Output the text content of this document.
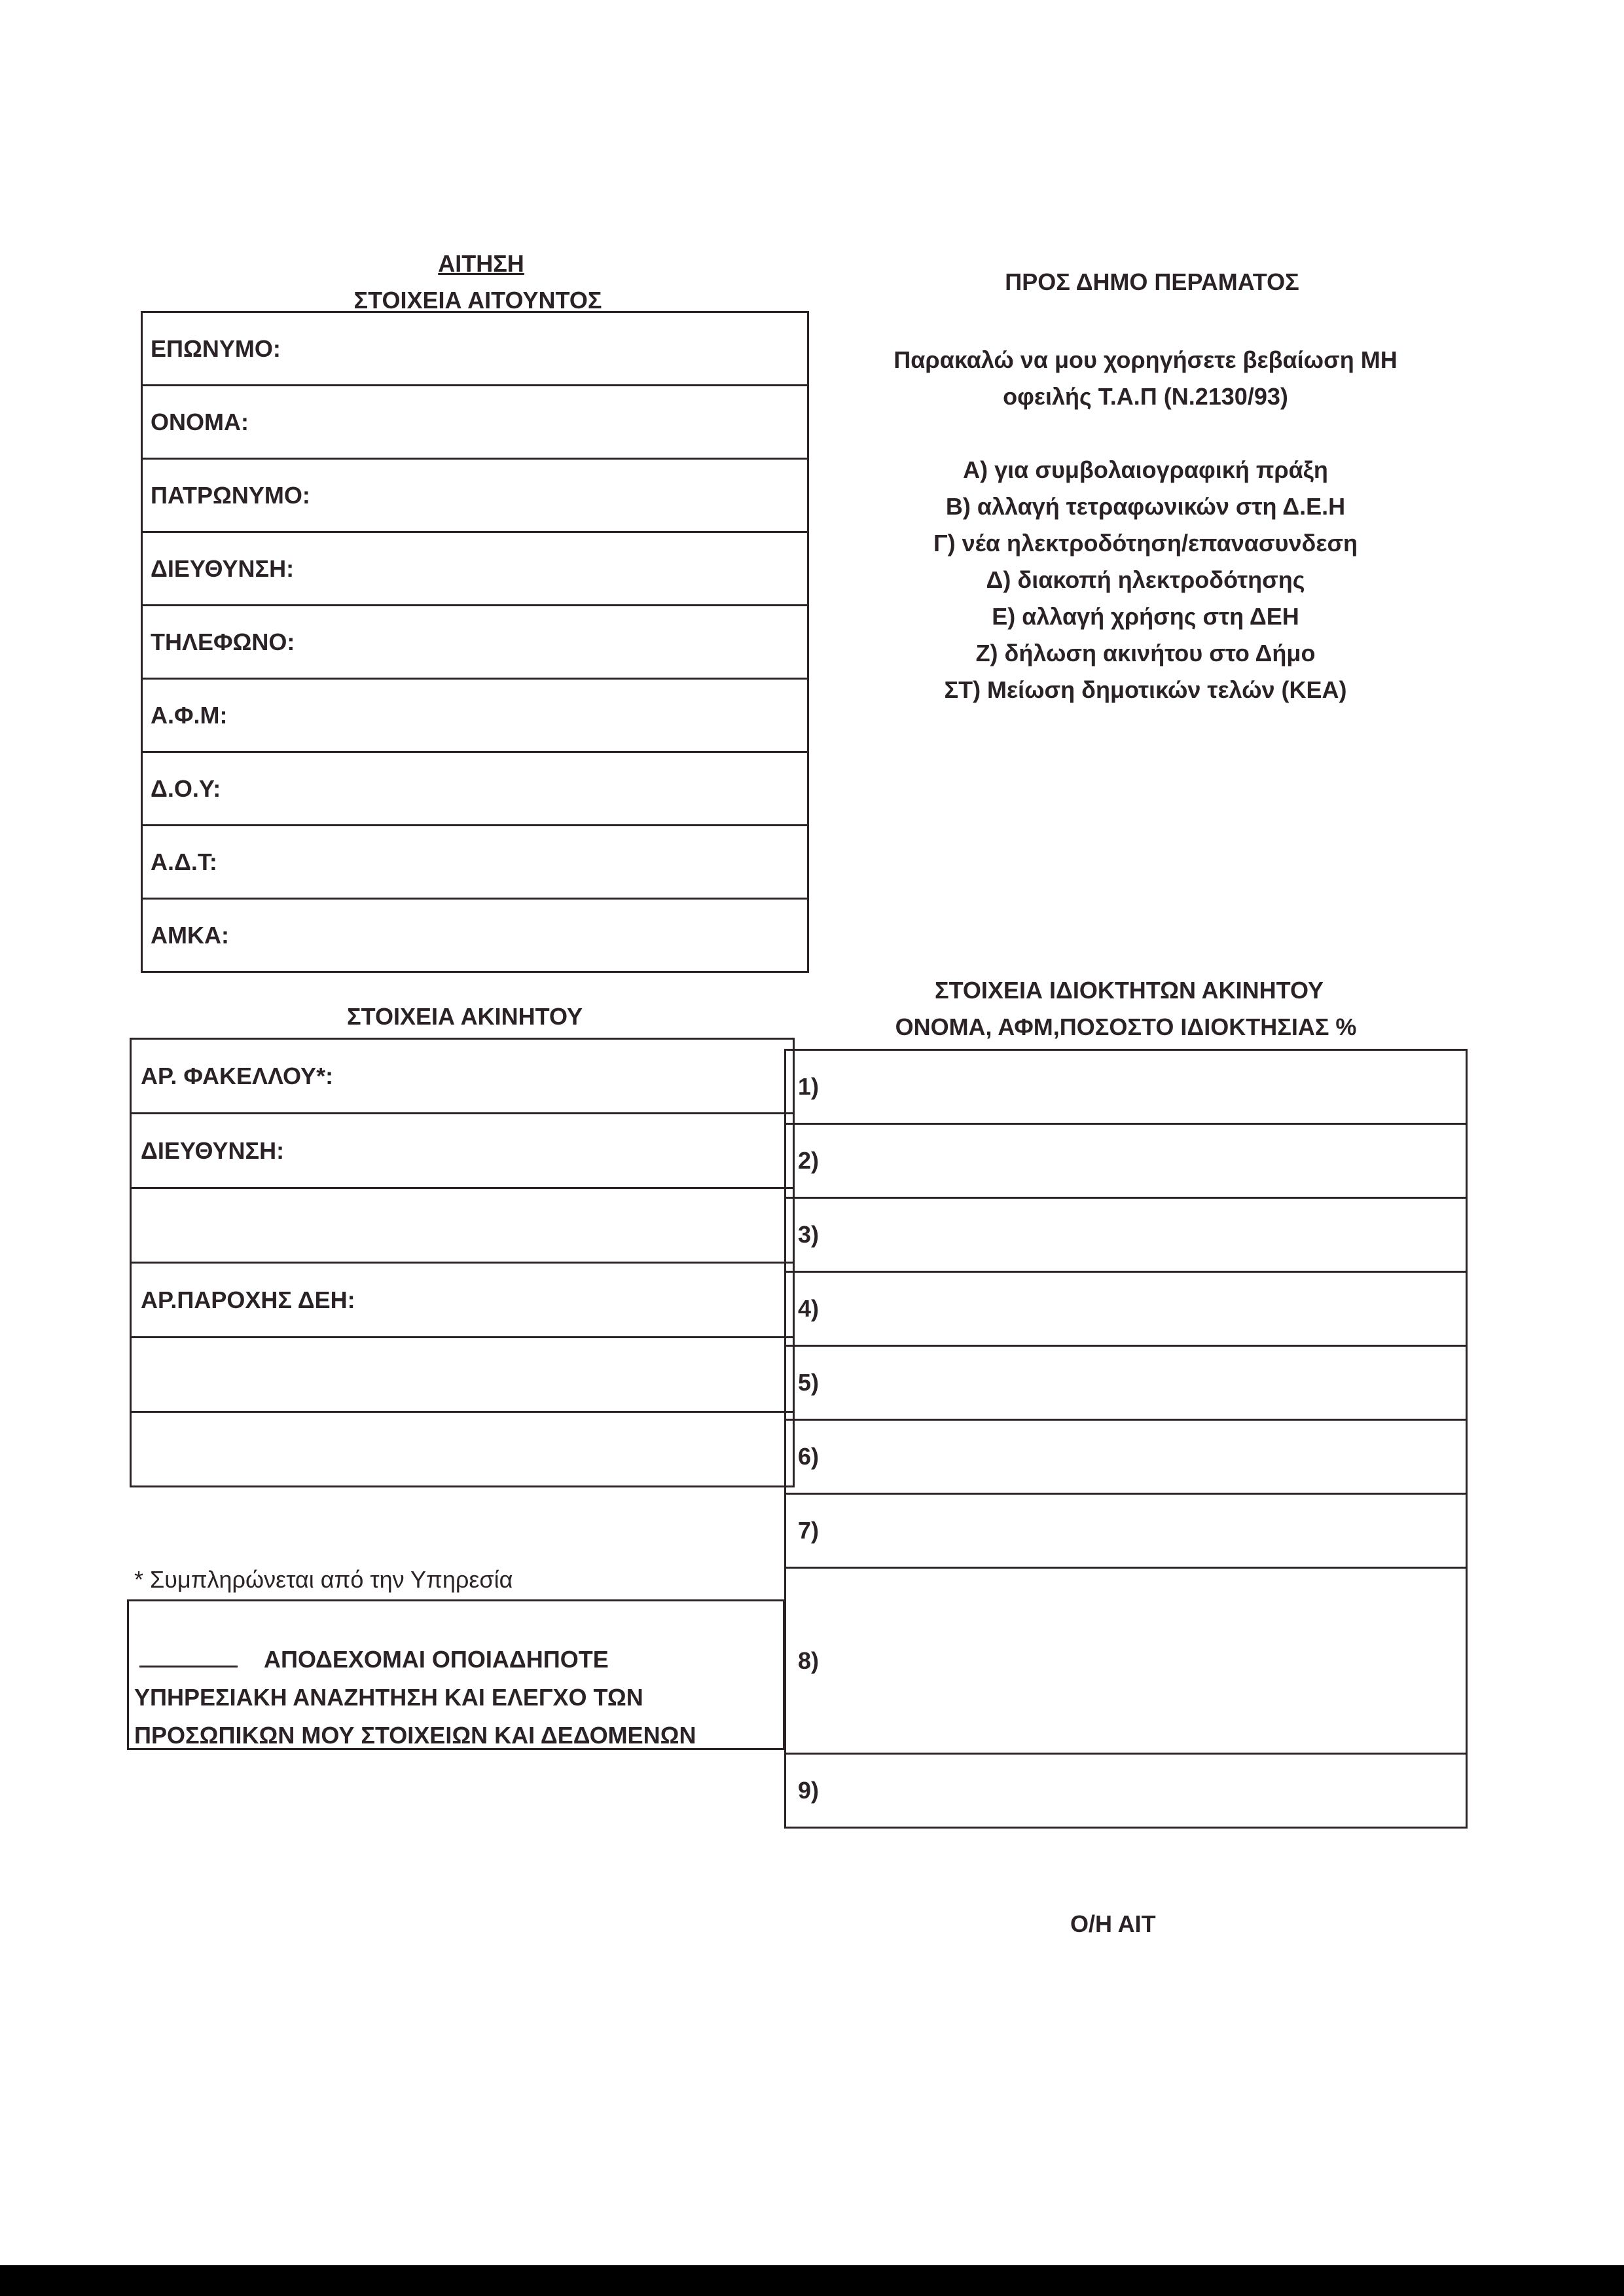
ΑΙΤΗΣΗ
ΣΤΟΙΧΕΙΑ ΑΙΤΟΥΝΤΟΣ
ΠΡΟΣ ΔΗΜΟ ΠΕΡΑΜΑΤΟΣ
ΕΠΩΝΥΜΟ:
ΟΝΟΜΑ:
ΠΑΤΡΩΝΥΜΟ:
ΔΙΕΥΘΥΝΣΗ:
ΤΗΛΕΦΩΝΟ:
Α.Φ.Μ:
Δ.Ο.Υ:
Α.Δ.Τ:
ΑΜΚΑ:
Παρακαλώ να μου χορηγήσετε βεβαίωση ΜΗ
οφειλής Τ.Α.Π (Ν.2130/93)
Α) για συμβολαιογραφική πράξη
Β) αλλαγή τετραφωνικών στη Δ.Ε.Η
Γ) νέα ηλεκτροδότηση/επανασυνδεση
Δ) διακοπή ηλεκτροδότησης
Ε) αλλαγή χρήσης στη ΔΕΗ
Ζ) δήλωση ακινήτου στο Δήμο
ΣΤ) Μείωση δημοτικών τελών (ΚΕΑ)
ΣΤΟΙΧΕΙΑ ΙΔΙΟΚΤΗΤΩΝ ΑΚΙΝΗΤΟΥ
ΟΝΟΜΑ, ΑΦΜ,ΠΟΣΟΣΤΟ ΙΔΙΟΚΤΗΣΙΑΣ %
ΣΤΟΙΧΕΙΑ ΑΚΙΝΗΤΟΥ
ΑΡ. ΦΑΚΕΛΛΟΥ*:
ΔΙΕΥΘΥΝΣΗ:
ΑΡ.ΠΑΡΟΧΗΣ ΔΕΗ:
1)
2)
3)
4)
5)
6)
7)
8)
9)
* Συμπληρώνεται από την Υπηρεσία
ΑΠΟΔΕΧΟΜΑΙ ΟΠΟΙΑΔΗΠΟΤΕ
ΥΠΗΡΕΣΙΑΚΗ ΑΝΑΖΗΤΗΣΗ ΚΑΙ ΕΛΕΓΧΟ ΤΩΝ
ΠΡΟΣΩΠΙΚΩΝ ΜΟΥ ΣΤΟΙΧΕΙΩΝ ΚΑΙ ΔΕΔΟΜΕΝΩΝ
Ο/Η ΑΙΤ
